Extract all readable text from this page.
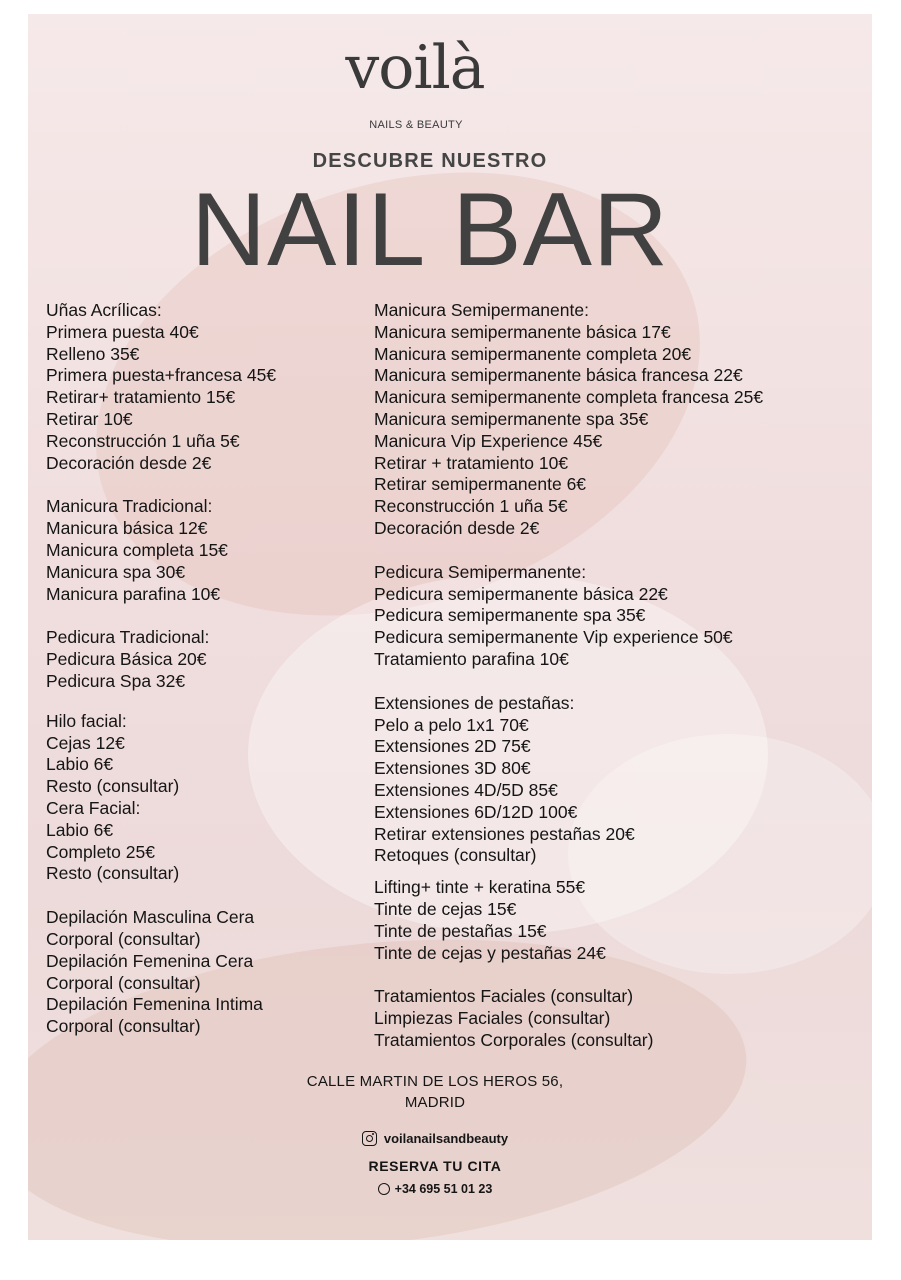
voilà
NAILS & BEAUTY
DESCUBRE NUESTRO
NAIL BAR
Uñas Acrílicas:
Primera puesta 40€
Relleno 35€
Primera puesta+francesa 45€
Retirar+ tratamiento 15€
Retirar 10€
Reconstrucción 1 uña 5€
Decoración desde 2€
Manicura Tradicional:
Manicura básica 12€
Manicura completa 15€
Manicura spa 30€
Manicura parafina 10€
Pedicura Tradicional:
Pedicura Básica 20€
Pedicura Spa 32€
Hilo facial:
Cejas 12€
Labio 6€
Resto (consultar)
Cera Facial:
Labio 6€
Completo 25€
Resto (consultar)
Depilación Masculina Cera
Corporal (consultar)
Depilación Femenina Cera
Corporal (consultar)
Depilación Femenina Intima
Corporal (consultar)
Manicura Semipermanente:
Manicura semipermanente básica 17€
Manicura semipermanente completa 20€
Manicura semipermanente básica francesa 22€
Manicura semipermanente completa francesa 25€
Manicura semipermanente spa 35€
Manicura Vip Experience 45€
Retirar + tratamiento 10€
Retirar semipermanente 6€
Reconstrucción 1 uña 5€
Decoración desde 2€
Pedicura Semipermanente:
Pedicura semipermanente básica 22€
Pedicura semipermanente spa 35€
Pedicura semipermanente Vip experience 50€
Tratamiento parafina 10€
Extensiones de pestañas:
Pelo a pelo 1x1 70€
Extensiones 2D 75€
Extensiones 3D 80€
Extensiones 4D/5D 85€
Extensiones 6D/12D 100€
Retirar extensiones pestañas 20€
Retoques (consultar)
Lifting+ tinte + keratina 55€
Tinte de cejas 15€
Tinte de pestañas 15€
Tinte de cejas y pestañas 24€
Tratamientos Faciales (consultar)
Limpiezas Faciales (consultar)
Tratamientos Corporales (consultar)
CALLE MARTIN DE LOS HEROS 56,
MADRID
voilanailsandbeauty
RESERVA TU CITA
+34 695 51 01 23
